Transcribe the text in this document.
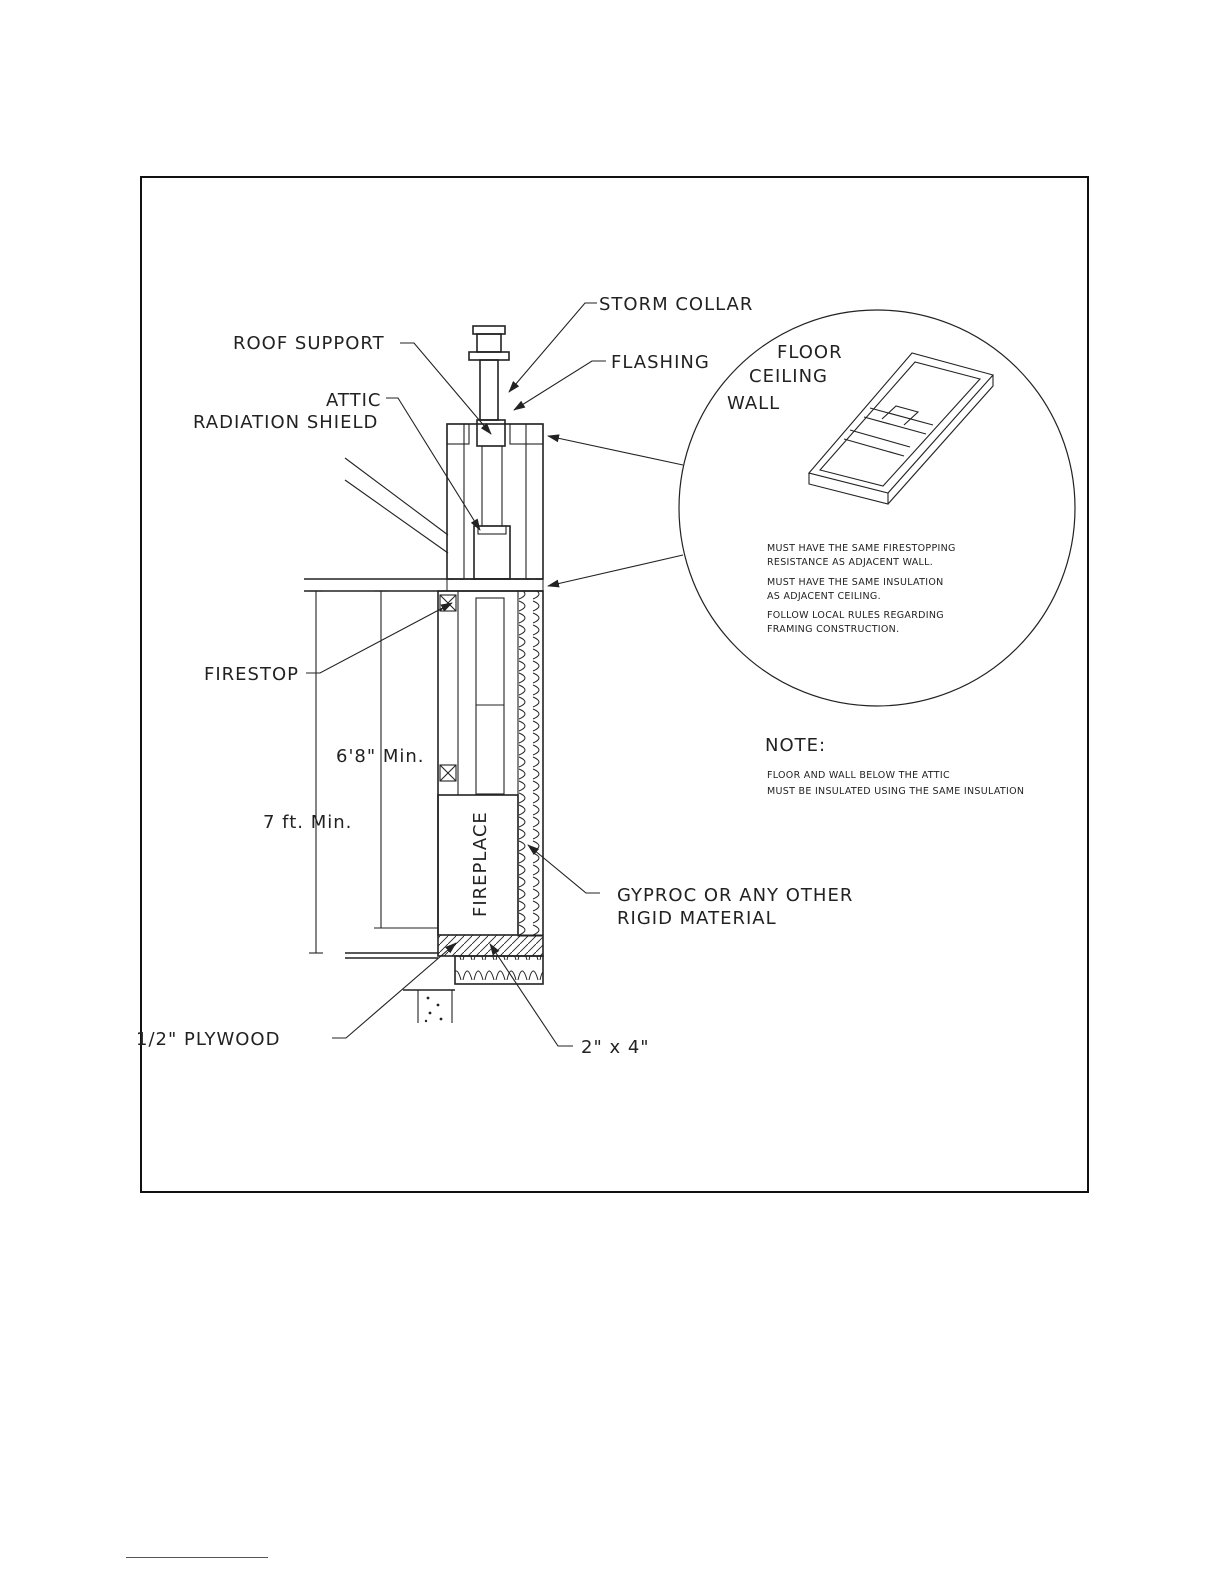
STORM COLLAR
ROOF SUPPORT
FLASHING
ATTIC
RADIATION SHIELD
FIRESTOP
6'8" Min.
7 ft. Min.	FIREPLACE	GYPROC OR ANY OTHER
RIGID MATERIAL
1/2" PLYWOOD	2" x 4"
FLOOR
CEILING
WALL
MUST HAVE THE SAME FIRESTOPPING
RESISTANCE AS ADJACENT WALL.
MUST HAVE THE SAME INSULATION
AS ADJACENT CEILING.
FOLLOW LOCAL RULES REGARDING
FRAMING CONSTRUCTION.
NOTE:
FLOOR AND WALL BELOW THE ATTIC
MUST BE INSULATED USING THE SAME INSULATION
